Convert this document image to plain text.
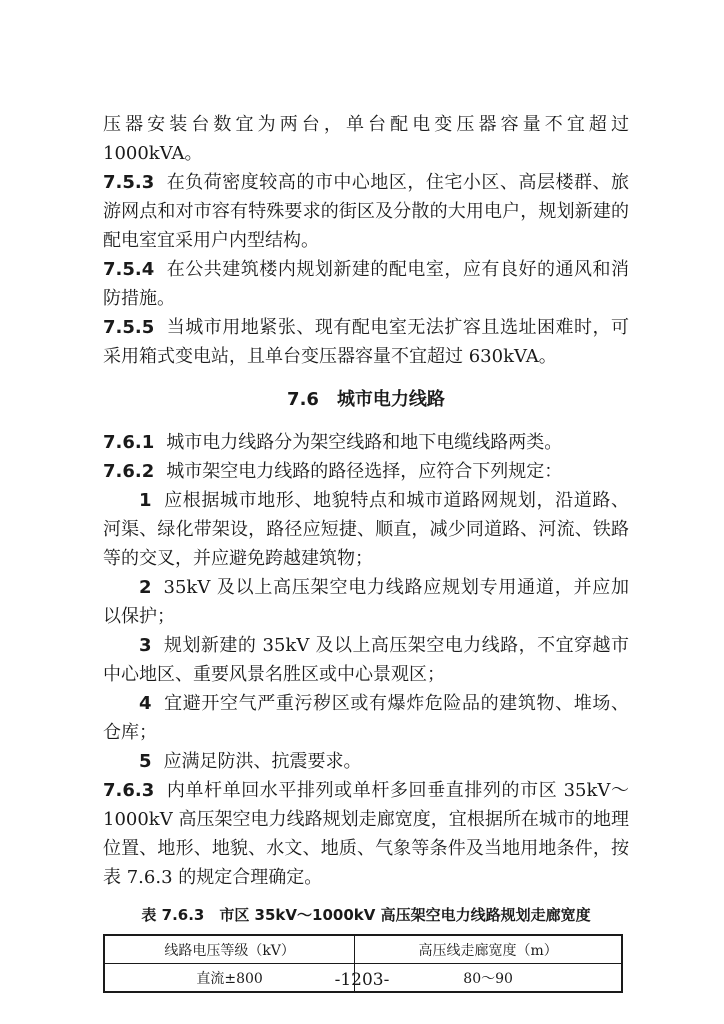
压器安装台数宜为两台，单台配电变压器容量不宜超过 1000kVA。

7.5.3 在负荷密度较高的市中心地区，住宅小区、高层楼群、旅游网点和对市容有特殊要求的街区及分散的大用电户，规划新建的配电室宜采用户内型结构。

7.5.4 在公共建筑楼内规划新建的配电室，应有良好的通风和消防措施。

7.5.5 当城市用地紧张、现有配电室无法扩容且选址困难时，可采用箱式变电站，且单台变压器容量不宜超过 630kVA。

7.6 城市电力线路

7.6.1 城市电力线路分为架空线路和地下电缆线路两类。

7.6.2 城市架空电力线路的路径选择，应符合下列规定：

1 应根据城市地形、地貌特点和城市道路网规划，沿道路、河渠、绿化带架设，路径应短捷、顺直，减少同道路、河流、铁路等的交叉，并应避免跨越建筑物；

2 35kV 及以上高压架空电力线路应规划专用通道，并应加以保护；

3 规划新建的 35kV 及以上高压架空电力线路，不宜穿越市中心地区、重要风景名胜区或中心景观区；

4 宜避开空气严重污秽区或有爆炸危险品的建筑物、堆场、仓库；

5 应满足防洪、抗震要求。

7.6.3 内单杆单回水平排列或单杆多回垂直排列的市区 35kV～1000kV 高压架空电力线路规划走廊宽度，宜根据所在城市的地理位置、地形、地貌、水文、地质、气象等条件及当地用地条件，按表 7.6.3 的规定合理确定。

表 7.6.3　市区 35kV～1000kV 高压架空电力线路规划走廊宽度
线路电压等级（kV）	高压线走廊宽度（m）
直流±800	80～90
-1203-
